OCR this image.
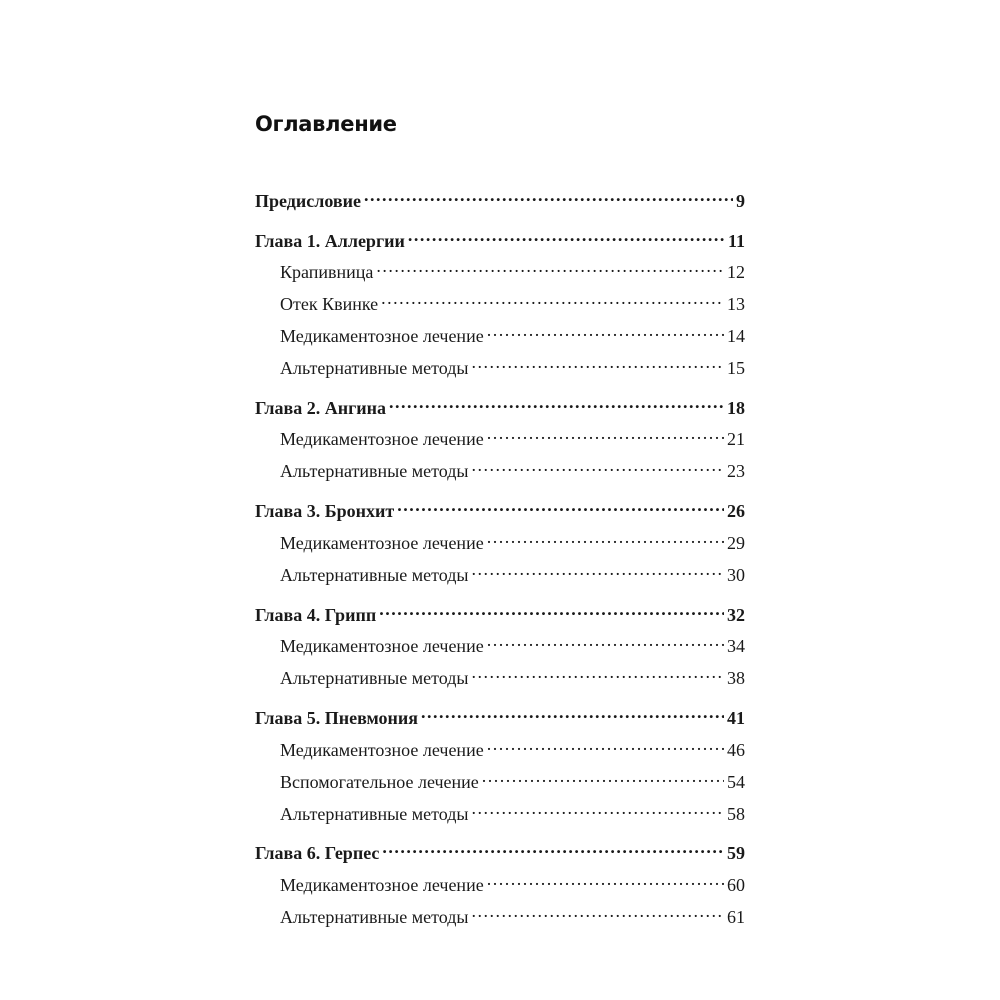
Оглавление
Предисловие .....	9
Глава 1. Аллергии .....	11
Крапивница .....	12
Отек Квинке .....	13
Медикаментозное лечение .....	14
Альтернативные методы .....	15
Глава 2. Ангина .....	18
Медикаментозное лечение .....	21
Альтернативные методы .....	23
Глава 3. Бронхит .....	26
Медикаментозное лечение .....	29
Альтернативные методы .....	30
Глава 4. Грипп .....	32
Медикаментозное лечение .....	34
Альтернативные методы .....	38
Глава 5. Пневмония .....	41
Медикаментозное лечение .....	46
Вспомогательное лечение .....	54
Альтернативные методы .....	58
Глава 6. Герпес .....	59
Медикаментозное лечение .....	60
Альтернативные методы .....	61
